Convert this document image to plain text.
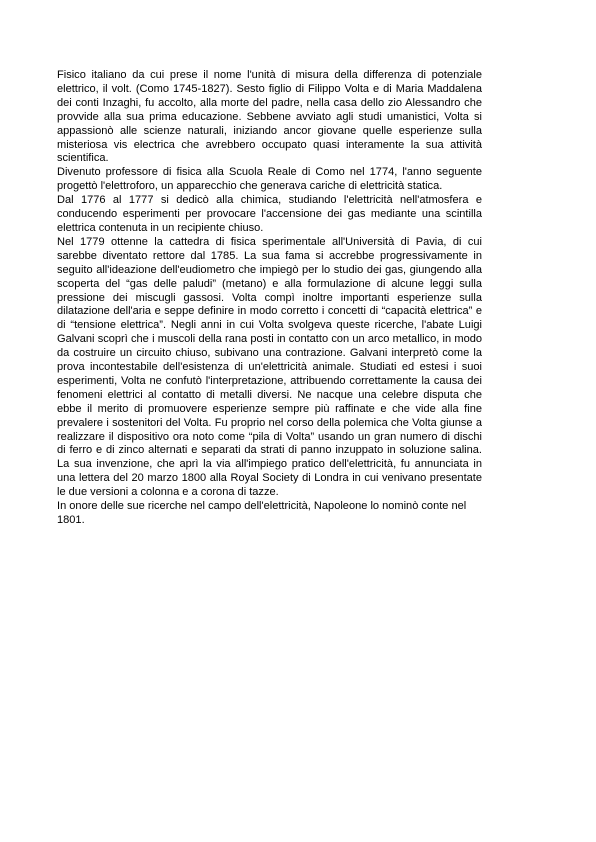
Fisico italiano da cui prese il nome l'unità di misura della differenza di potenziale elettrico, il volt. (Como 1745-1827). Sesto figlio di Filippo Volta e di Maria Maddalena dei conti Inzaghi, fu accolto, alla morte del padre, nella casa dello zio Alessandro che provvide alla sua prima educazione. Sebbene avviato agli studi umanistici, Volta si appassionò alle scienze naturali, iniziando ancor giovane quelle esperienze sulla misteriosa vis electrica che avrebbero occupato quasi interamente la sua attività scientifica.

Divenuto professore di fisica alla Scuola Reale di Como nel 1774, l'anno seguente progettò l'elettroforo, un apparecchio che generava cariche di elettricità statica.

Dal 1776 al 1777 si dedicò alla chimica, studiando l'elettricità nell'atmosfera e conducendo esperimenti per provocare l'accensione dei gas mediante una scintilla elettrica contenuta in un recipiente chiuso.

Nel 1779 ottenne la cattedra di fisica sperimentale all'Università di Pavia, di cui sarebbe diventato rettore dal 1785. La sua fama si accrebbe progressivamente in seguito all'ideazione dell'eudiometro che impiegò per lo studio dei gas, giungendo alla scoperta del “gas delle paludi” (metano) e alla formulazione di alcune leggi sulla pressione dei miscugli gassosi. Volta compì inoltre importanti esperienze sulla dilatazione dell'aria e seppe definire in modo corretto i concetti di “capacità elettrica” e di “tensione elettrica”. Negli anni in cui Volta svolgeva queste ricerche, l'abate Luigi Galvani scoprì che i muscoli della rana posti in contatto con un arco metallico, in modo da costruire un circuito chiuso, subivano una contrazione. Galvani interpretò come la prova incontestabile dell'esistenza di un'elettricità animale. Studiati ed estesi i suoi esperimenti, Volta ne confutò l'interpretazione, attribuendo correttamente la causa dei fenomeni elettrici al contatto di metalli diversi. Ne nacque una celebre disputa che ebbe il merito di promuovere esperienze sempre più raffinate e che vide alla fine prevalere i sostenitori del Volta. Fu proprio nel corso della polemica che Volta giunse a realizzare il dispositivo ora noto come “pila di Volta” usando un gran numero di dischi di ferro e di zinco alternati e separati da strati di panno inzuppato in soluzione salina. La sua invenzione, che aprì la via all'impiego pratico dell'elettricità, fu annunciata in una lettera del 20 marzo 1800 alla Royal Society di Londra in cui venivano presentate le due versioni a colonna e a corona di tazze.

In onore delle sue ricerche nel campo dell'elettricità, Napoleone lo nominò conte nel 1801.
